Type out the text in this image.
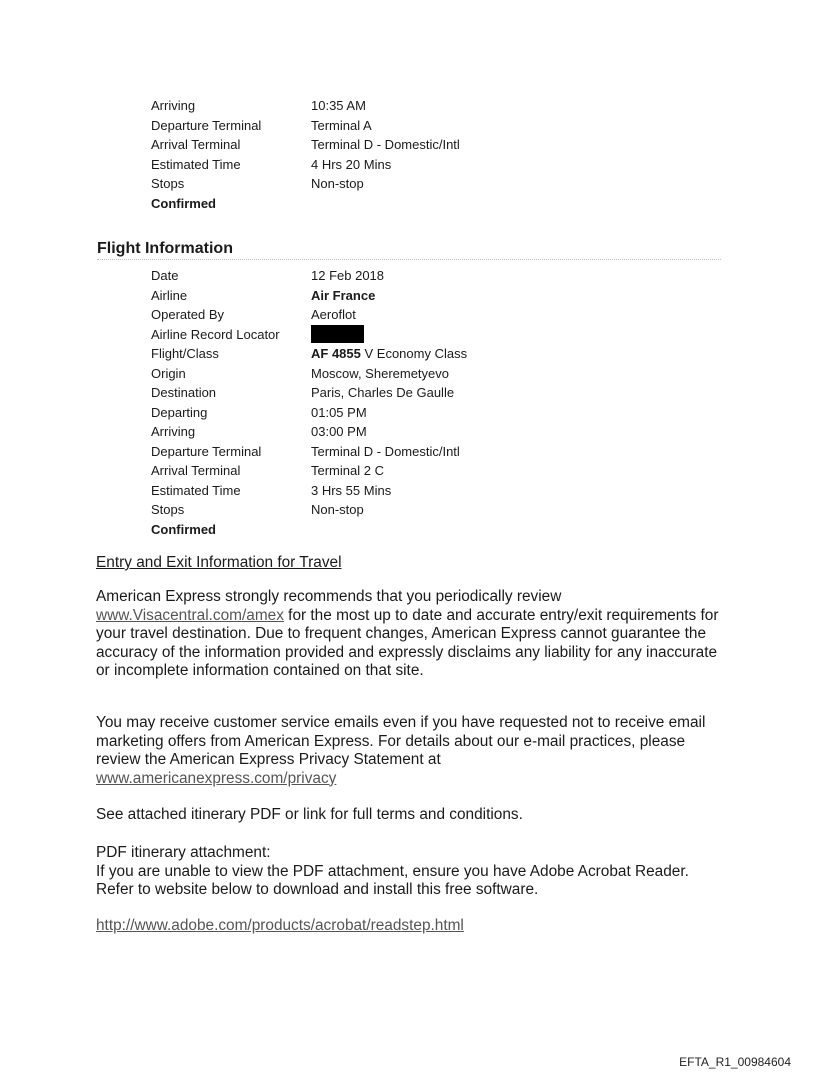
Arriving	10:35 AM
Departure Terminal	Terminal A
Arrival Terminal	Terminal D - Domestic/Intl
Estimated Time	4 Hrs 20 Mins
Stops	Non-stop
Confirmed
Flight Information
Date	12 Feb 2018
Airline	Air France
Operated By	Aeroflot
Airline Record Locator
Flight/Class	AF 4855 V Economy Class
Origin	Moscow, Sheremetyevo
Destination	Paris, Charles De Gaulle
Departing	01:05 PM
Arriving	03:00 PM
Departure Terminal	Terminal D - Domestic/Intl
Arrival Terminal	Terminal 2 C
Estimated Time	3 Hrs 55 Mins
Stops	Non-stop
Confirmed
Entry and Exit Information for Travel
American Express strongly recommends that you periodically review
www.Visacentral.com/amex for the most up to date and accurate entry/exit requirements for your travel destination. Due to frequent changes, American Express cannot guarantee the accuracy of the information provided and expressly disclaims any liability for any inaccurate or incomplete information contained on that site.
You may receive customer service emails even if you have requested not to receive email marketing offers from American Express. For details about our e-mail practices, please review the American Express Privacy Statement at
www.americanexpress.com/privacy
See attached itinerary PDF or link for full terms and conditions.
PDF itinerary attachment:
If you are unable to view the PDF attachment, ensure you have Adobe Acrobat Reader. Refer to website below to download and install this free software.
http://www.adobe.com/products/acrobat/readstep.html
EFTA_R1_00984604
